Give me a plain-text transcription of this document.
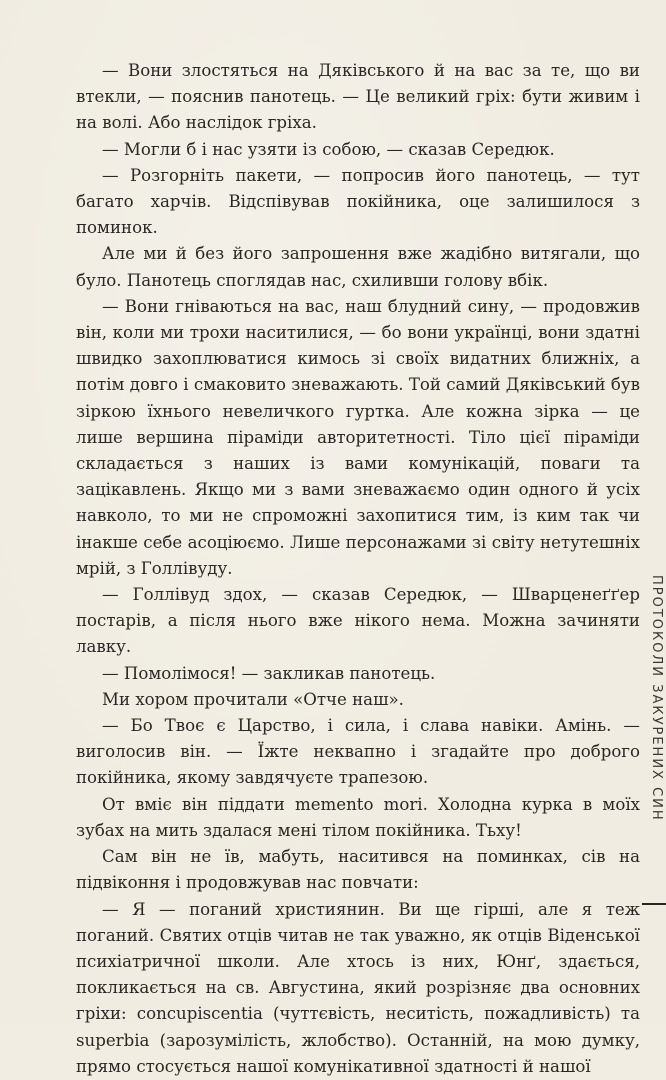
— Вони злостяться на Дяківського й на вас за те, що ви втекли, — пояснив панотець. — Це великий гріх: бути живим і на волі. Або наслідок гріха.

— Могли б і нас узяти із собою, — сказав Середюк.

— Розгорніть пакети, — попросив його панотець, — тут багато харчів. Відспівував покійника, оце залишилося з поминок.

Але ми й без його запрошення вже жадібно витягали, що було. Панотець споглядав нас, схиливши голову вбік.

— Вони гніваються на вас, наш блудний сину, — продовжив він, коли ми трохи наситилися, — бо вони українці, вони здатні швидко захоплюватися кимось зі своїх видатних ближніх, а потім довго і смаковито зневажають. Той самий Дяківський був зіркою їхнього невеличкого гуртка. Але кожна зірка — це лише вершина піраміди авторитетності. Тіло цієї піраміди складається з наших із вами комунікацій, поваги та зацікавлень. Якщо ми з вами зневажаємо один одного й усіх навколо, то ми не спроможні захопитися тим, із ким так чи інакше себе асоціюємо. Лише персонажами зі світу нетутешніх мрій, з Голлівуду.

— Голлівуд здох, — сказав Середюк, — Шварценеґґер постарів, а після нього вже нікого нема. Можна зачиняти лавку.

— Помолімося! — закликав панотець.

Ми хором прочитали «Отче наш».

— Бо Твоє є Царство, і сила, і слава навіки. Амінь. — виголосив він. — Їжте неквапно і згадайте про доброго покійника, якому завдячуєте трапезою.

От вміє він піддати memento mori. Холодна курка в моїх зубах на мить здалася мені тілом покійника. Тьху!

Сам він не їв, мабуть, наситився на поминках, сів на підвіконня і продовжував нас повчати:

— Я — поганий християнин. Ви ще гірші, але я теж поганий. Святих отців читав не так уважно, як отців Віденської психіатричної школи. Але хтось із них, Юнґ, здається, покликається на св. Августина, який розрізняє два основних гріхи: concupiscentia (чуттєвість, неситість, пожадливість) та superbia (зарозумілість, жлобство). Останній, на мою думку, прямо стосується нашої комунікативної здатності й нашої

ПРОТОКОЛИ ЗАКУРЕНИХ СИН
